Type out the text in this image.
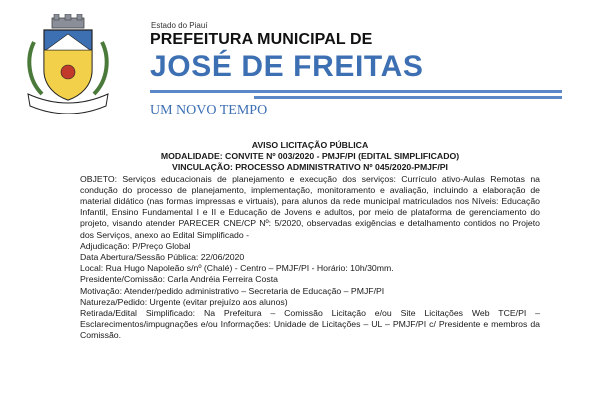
Estado do Piauí
PREFEITURA MUNICIPAL DE
JOSÉ DE FREITAS
UM NOVO TEMPO
AVISO LICITAÇÃO PÚBLICA
MODALIDADE: CONVITE Nº 003/2020 - PMJF/PI (EDITAL SIMPLIFICADO)
VINCULAÇÃO: PROCESSO ADMINISTRATIVO Nº 045/2020-PMJF/PI
OBJETO: Serviços educacionais de planejamento e execução dos serviços: Currículo ativo-Aulas Remotas na condução do processo de planejamento, implementação, monitoramento e avaliação, incluindo a elaboração de material didático (nas formas impressas e virtuais), para alunos da rede municipal matriculados nos Níveis: Educação Infantil, Ensino Fundamental I e II e Educação de Jovens e adultos, por meio de plataforma de gerenciamento do projeto, visando atender PARECER CNE/CP Nº: 5/2020, observadas exigências e detalhamento contidos no Projeto dos Serviços, anexo ao Edital Simplificado -
Adjudicação: P/Preço Global
Data Abertura/Sessão Pública: 22/06/2020
Local: Rua Hugo Napoleão s/nº (Chalé) - Centro – PMJF/PI - Horário: 10h/30mm.
Presidente/Comissão: Carla Andréia Ferreira Costa
Motivação: Atender/pedido administrativo – Secretaria de Educação – PMJF/PI
Natureza/Pedido: Urgente (evitar prejuízo aos alunos)
Retirada/Edital Simplificado: Na Prefeitura – Comissão Licitação e/ou Site Licitações Web TCE/PI – Esclarecimentos/impugnações e/ou Informações: Unidade de Licitações – UL – PMJF/PI c/ Presidente e membros da Comissão.
